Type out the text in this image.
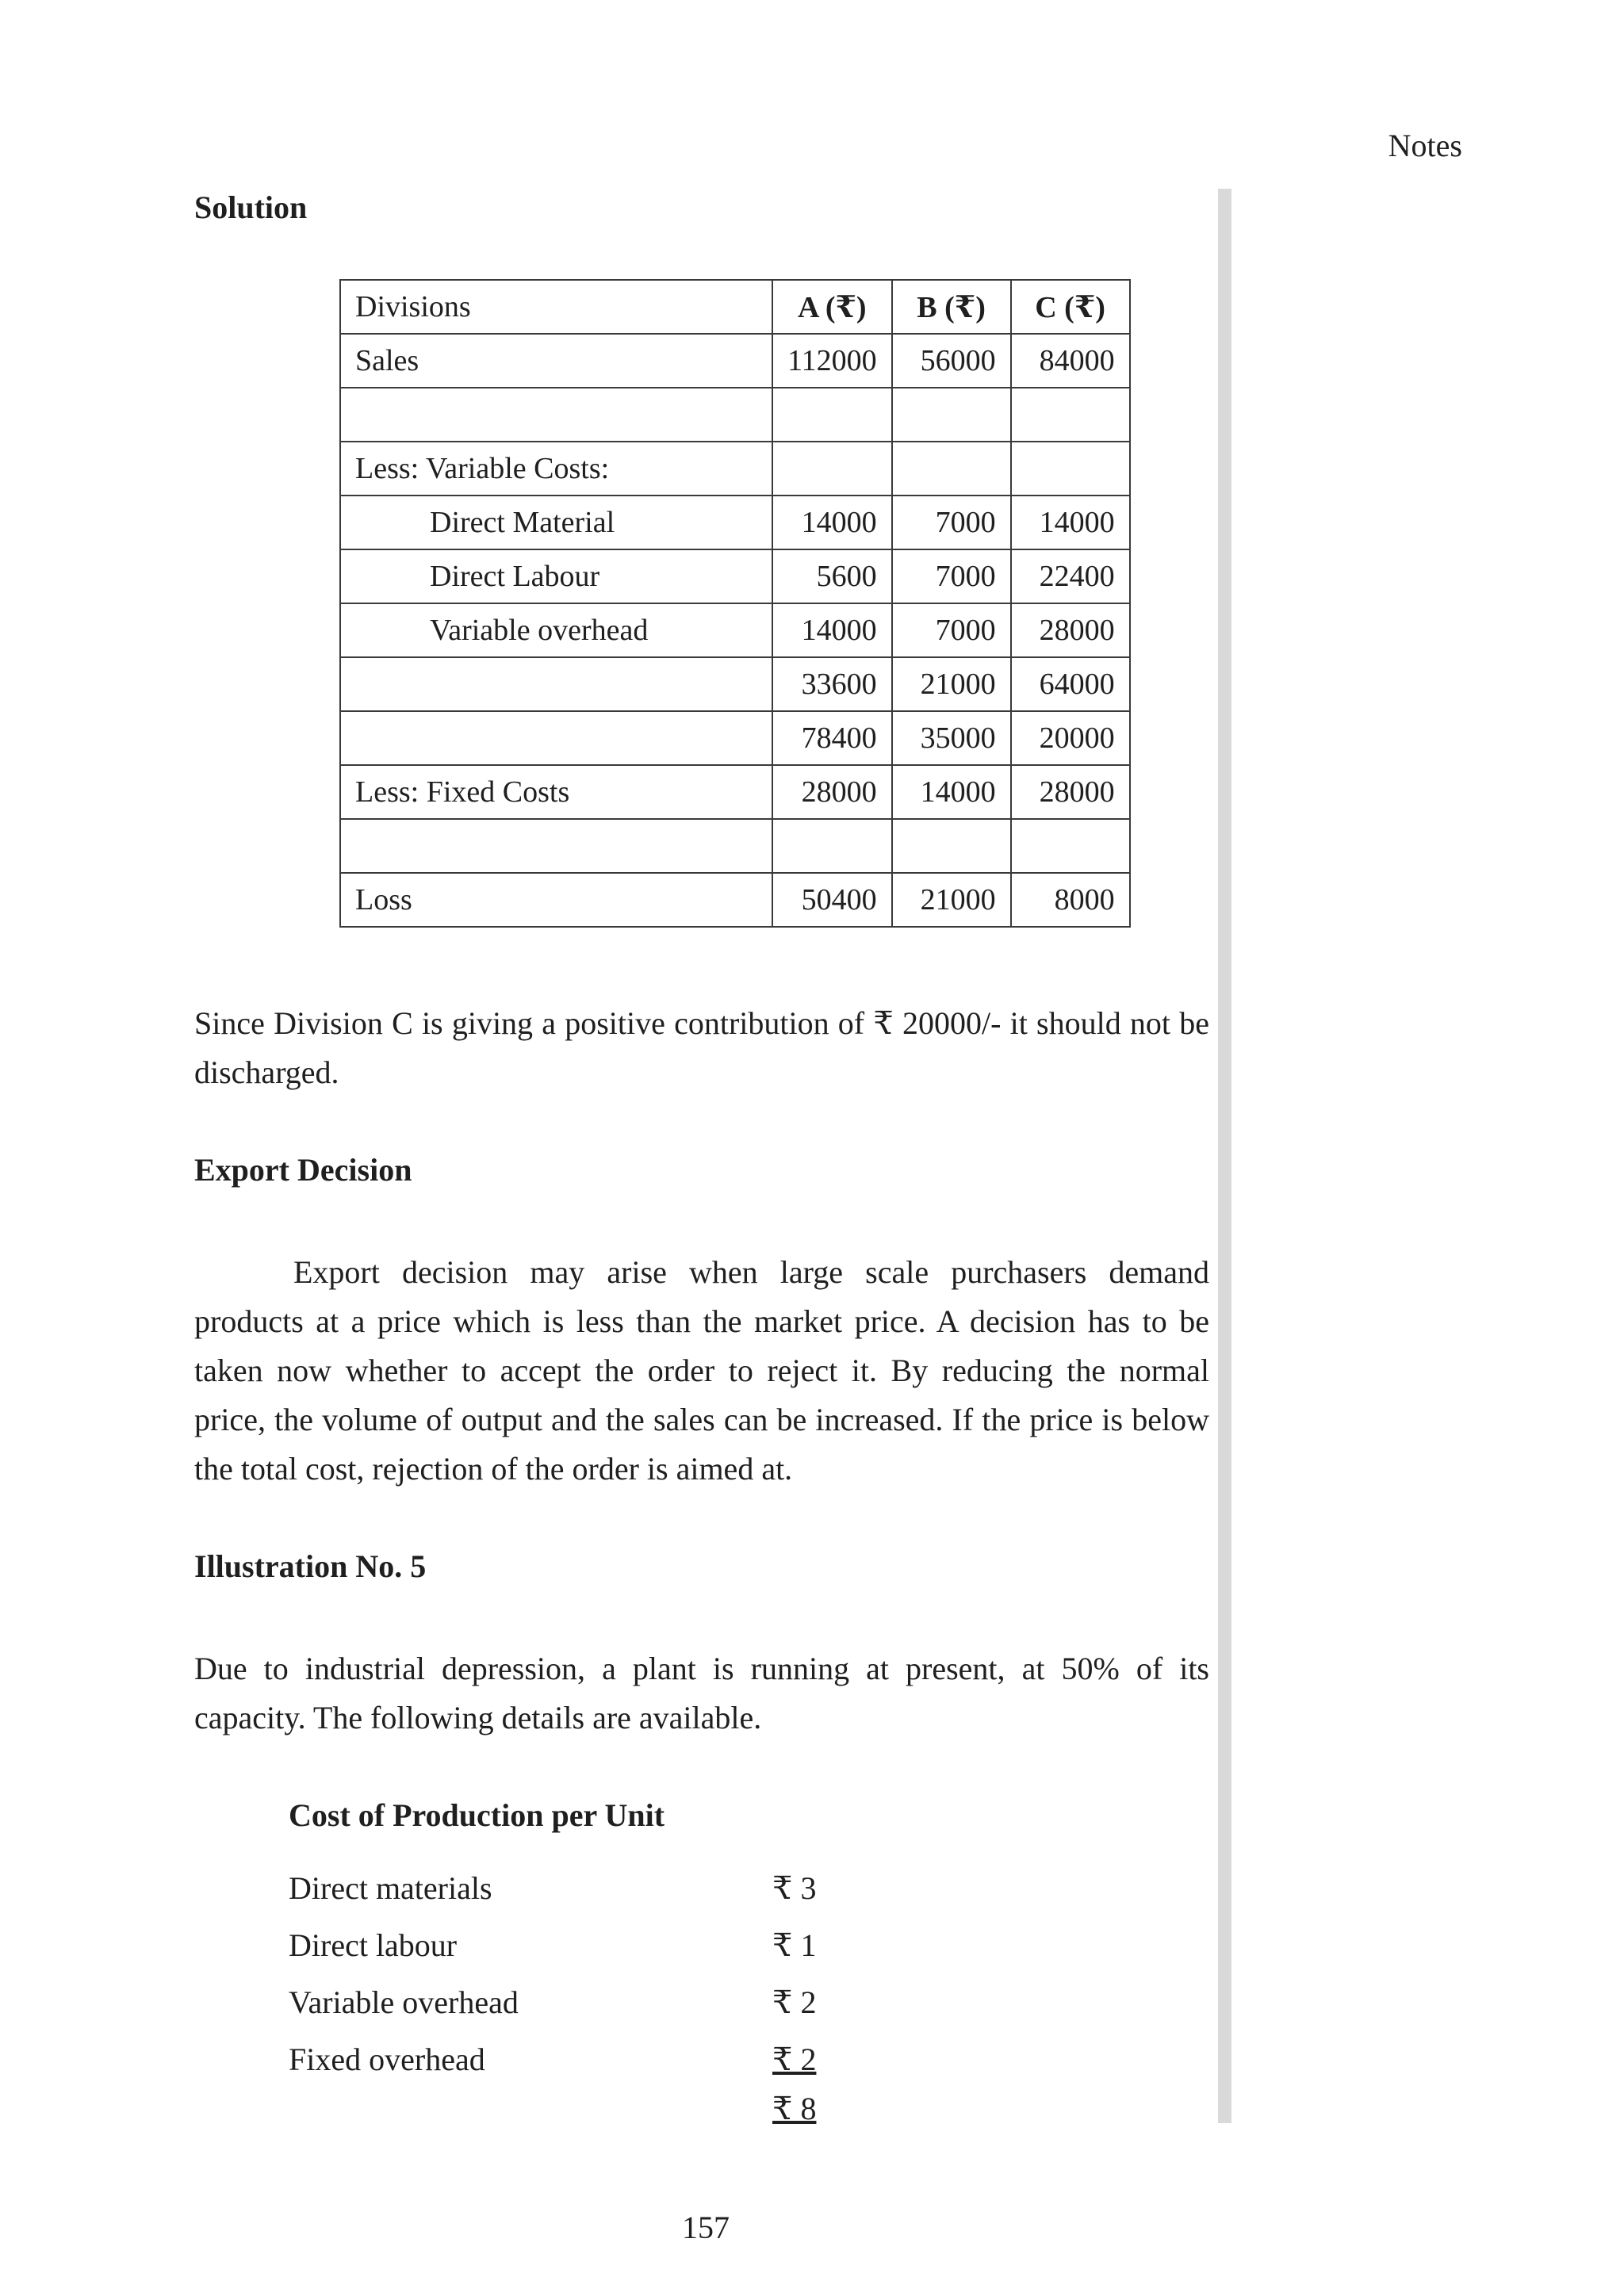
Notes
Solution
Divisions	A (₹)	B (₹)	C (₹)
Sales	112000	56000	84000

Less: Variable Costs:			
Direct Material	14000	7000	14000
Direct Labour	5600	7000	22400
Variable overhead	14000	7000	28000
	33600	21000	64000
	78400	35000	20000
Less: Fixed Costs	28000	14000	28000

Loss	50400	21000	8000
Since Division C is giving a positive contribution of ₹ 20000/- it should not be discharged.
Export Decision
Export decision may arise when large scale purchasers demand products at a price which is less than the market price. A decision has to be taken now whether to accept the order to reject it. By reducing the normal price, the volume of output and the sales can be increased. If the price is below the total cost, rejection of the order is aimed at.
Illustration No. 5
Due to industrial depression, a plant is running at present, at 50% of its capacity. The following details are available.
Cost of Production per Unit
Direct materials	₹ 3
Direct labour	₹ 1
Variable overhead	₹ 2
Fixed overhead	₹ 2
₹ 8
157
